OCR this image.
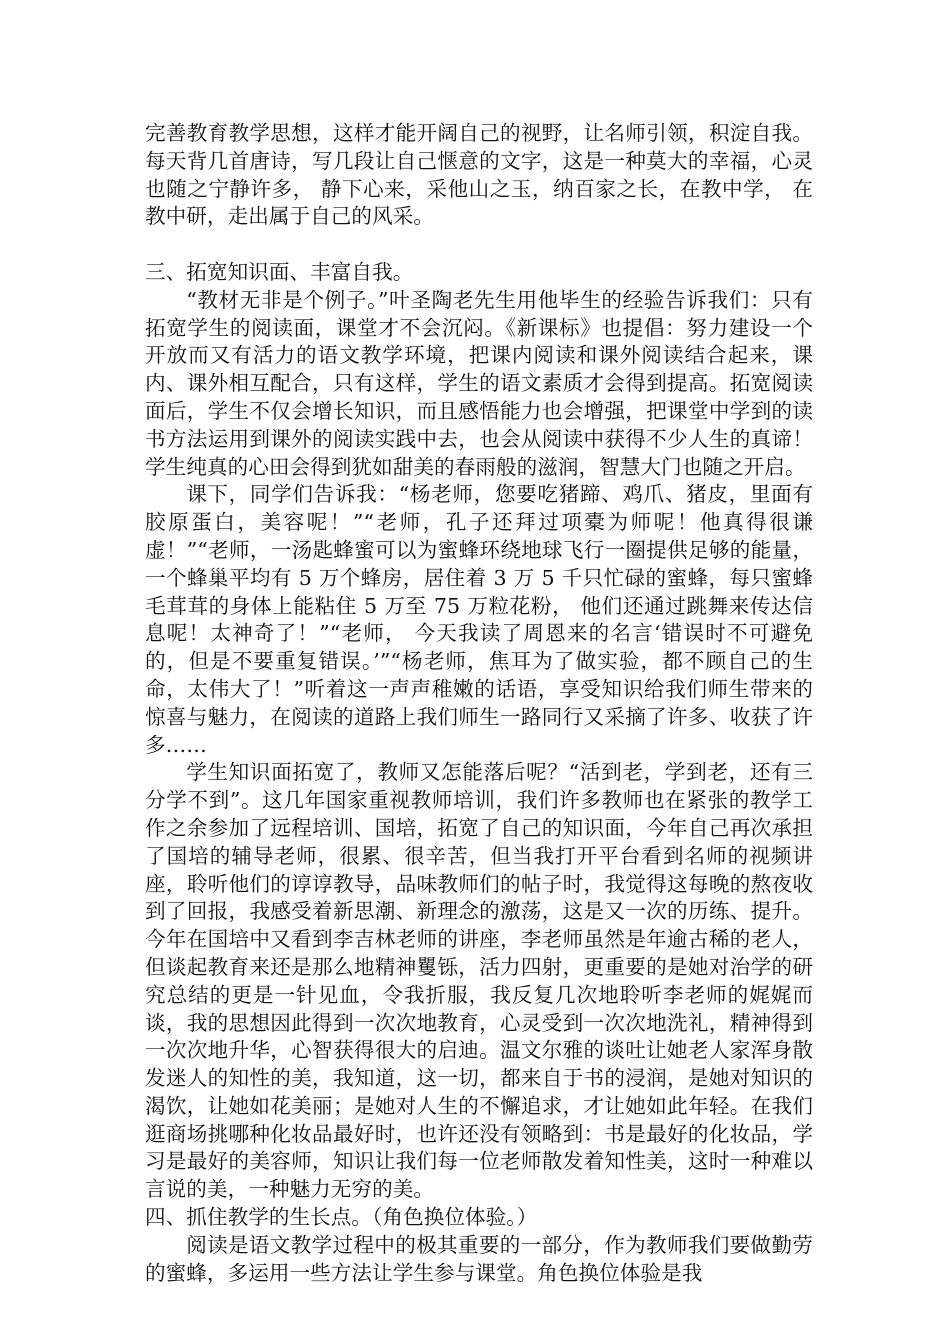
完善教育教学思想，这样才能开阔自己的视野，让名师引领，积淀自我。每天背几首唐诗，写几段让自己惬意的文字，这是一种莫大的幸福，心灵也随之宁静许多， 静下心来，采他山之玉，纳百家之长，在教中学， 在教中研，走出属于自己的风采。

三、拓宽知识面、丰富自我。

“教材无非是个例子。”叶圣陶老先生用他毕生的经验告诉我们：只有拓宽学生的阅读面，课堂才不会沉闷。《新课标》也提倡：努力建设一个开放而又有活力的语文教学环境，把课内阅读和课外阅读结合起来，课内、课外相互配合，只有这样，学生的语文素质才会得到提高。拓宽阅读面后，学生不仅会增长知识，而且感悟能力也会增强，把课堂中学到的读书方法运用到课外的阅读实践中去，也会从阅读中获得不少人生的真谛！学生纯真的心田会得到犹如甜美的春雨般的滋润，智慧大门也随之开启。

课下，同学们告诉我：“杨老师，您要吃猪蹄、鸡爪、猪皮，里面有胶原蛋白，美容呢！”“老师，孔子还拜过项橐为师呢！他真得很谦虚！”“老师，一汤匙蜂蜜可以为蜜蜂环绕地球飞行一圈提供足够的能量，一个蜂巢平均有 5 万个蜂房，居住着 3 万 5 千只忙碌的蜜蜂，每只蜜蜂毛茸茸的身体上能粘住 5 万至 75 万粒花粉， 他们还通过跳舞来传达信息呢！太神奇了！”“老师， 今天我读了周恩来的名言‘错误时不可避免的，但是不要重复错误。’”“杨老师，焦耳为了做实验，都不顾自己的生命，太伟大了！”听着这一声声稚嫩的话语，享受知识给我们师生带来的惊喜与魅力，在阅读的道路上我们师生一路同行又采摘了许多、收获了许多……

学生知识面拓宽了，教师又怎能落后呢？“活到老，学到老，还有三分学不到”。这几年国家重视教师培训，我们许多教师也在紧张的教学工作之余参加了远程培训、国培，拓宽了自己的知识面，今年自己再次承担了国培的辅导老师，很累、很辛苦，但当我打开平台看到名师的视频讲座，聆听他们的谆谆教导，品味教师们的帖子时，我觉得这每晚的熬夜收到了回报，我感受着新思潮、新理念的激荡，这是又一次的历练、提升。今年在国培中又看到李吉林老师的讲座，李老师虽然是年逾古稀的老人，但谈起教育来还是那么地精神矍铄，活力四射，更重要的是她对治学的研究总结的更是一针见血，令我折服，我反复几次地聆听李老师的娓娓而谈，我的思想因此得到一次次地教育，心灵受到一次次地洗礼，精神得到一次次地升华，心智获得很大的启迪。温文尔雅的谈吐让她老人家浑身散发迷人的知性的美，我知道，这一切，都来自于书的浸润，是她对知识的渴饮，让她如花美丽；是她对人生的不懈追求，才让她如此年轻。在我们逛商场挑哪种化妆品最好时，也许还没有领略到：书是最好的化妆品，学习是最好的美容师，知识让我们每一位老师散发着知性美，这时一种难以言说的美，一种魅力无穷的美。

四、抓住教学的生长点。（角色换位体验。）

阅读是语文教学过程中的极其重要的一部分，作为教师我们要做勤劳的蜜蜂，多运用一些方法让学生参与课堂。角色换位体验是我
